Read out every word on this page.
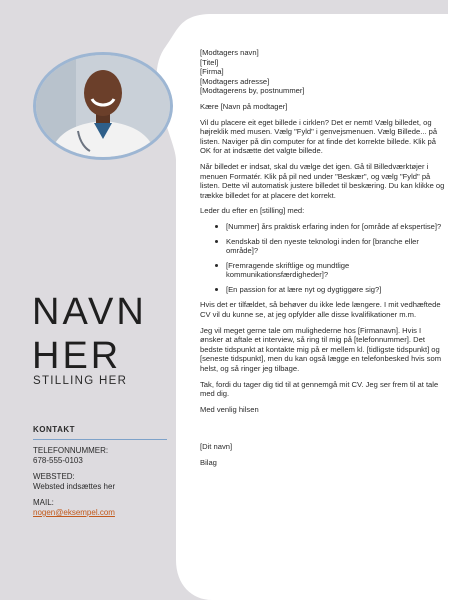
NAVN
HER
STILLING HER
KONTAKT
TELEFONNUMMER:
678-555-0103
WEBSTED:
Websted indsættes her
MAIL:
nogen@eksempel.com

[Modtagers navn]
[Titel]
[Firma]
[Modtagers adresse]
[Modtagerens by, postnummer]

Kære [Navn på modtager]

Vil du placere eit eget billede i cirklen? Det er nemt! Vælg billedet, og højreklik med musen. Vælg "Fyld" i genvejsmenuen. Vælg Billede... på listen. Naviger på din computer for at finde det korrekte billede. Klik på OK for at indsætte det valgte billede.

Når billedet er indsat, skal du vælge det igen. Gå til Billedværktøjer i menuen Formatér. Klik på pil ned under "Beskær", og vælg "Fyld" på listen. Dette vil automatisk justere billedet til beskæring. Du kan klikke og trække billedet for at placere det korrekt.

Leder du efter en [stilling] med:

[Nummer] års praktisk erfaring inden for [område af ekspertise]?
Kendskab til den nyeste teknologi inden for [branche eller område]?
[Fremragende skriftlige og mundtlige kommunikationsfærdigheder]?
[En passion for at lære nyt og dygtiggøre sig?]

Hvis det er tilfældet, så behøver du ikke lede længere. I mit vedhæftede CV vil du kunne se, at jeg opfylder alle disse kvalifikationer m.m.

Jeg vil meget gerne tale om mulighederne hos [Firmanavn]. Hvis I ønsker at aftale et interview, så ring til mig på [telefonnummer]. Det bedste tidspunkt at kontakte mig på er mellem kl. [tidligste tidspunkt] og [seneste tidspunkt], men du kan også lægge en telefonbesked hvis som helst, og så ringer jeg tilbage.

Tak, fordi du tager dig tid til at gennemgå mit CV. Jeg ser frem til at tale med dig.

Med venlig hilsen

[Dit navn]

Bilag
